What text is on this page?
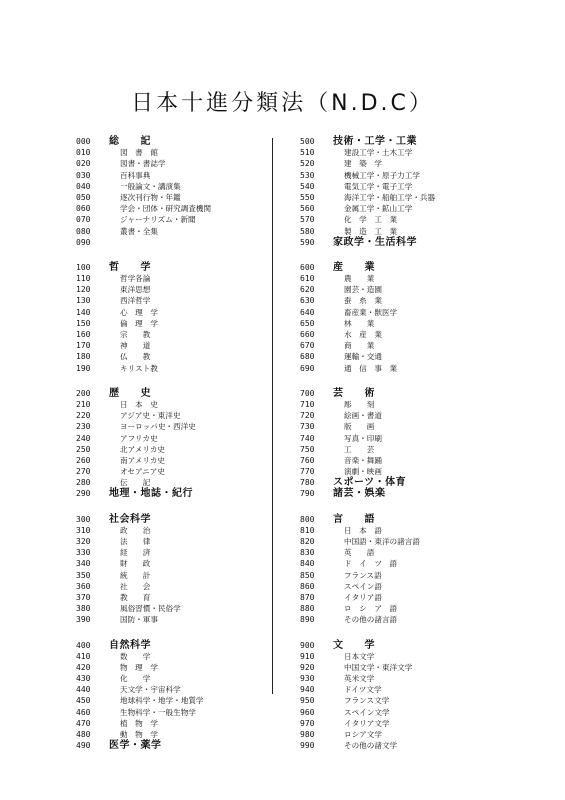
日本十進分類法（N.D.C）
000	総　　記
010	図　書　館
020	図書・書誌学
030	百科事典
040	一般論文・講演集
050	逐次刊行物・年鑑
060	学会・団体・研究調査機関
070	ジャーナリズム・新聞
080	叢書・全集
090
100	哲　　学
110	哲学各論
120	東洋思想
130	西洋哲学
140	心　理　学
150	倫　理　学
160	宗　　教
170	神　　道
180	仏　　教
190	キリスト教
200	歴　　史
210	日　本　史
220	アジア史・東洋史
230	ヨーロッパ史・西洋史
240	アフリカ史
250	北アメリカ史
260	南アメリカ史
270	オセアニア史
280	伝　　記
290	地理・地誌・紀行
300	社会科学
310	政　　治
320	法　　律
330	経　　済
340	財　　政
350	統　　計
360	社　　会
370	教　　育
380	風俗習慣・民俗学
390	国防・軍事
400	自然科学
410	数　　学
420	物　理　学
430	化　　学
440	天文学・宇宙科学
450	地球科学・地学・地質学
460	生物科学・一般生物学
470	植　物　学
480	動　物　学
490	医学・薬学
500	技術・工学・工業
510	建設工学・土木工学
520	建　築　学
530	機械工学・原子力工学
540	電気工学・電子工学
550	海洋工学・船舶工学・兵器
560	金属工学・鉱山工学
570	化　学　工　業
580	製　造　工　業
590	家政学・生活科学
600	産　　業
610	農　　業
620	園芸・造園
630	蚕　糸　業
640	畜産業・獣医学
650	林　　業
660	水　産　業
670	商　　業
680	運輸・交通
690	通　信　事　業
700	芸　　術
710	彫　　刻
720	絵画・書道
730	版　　画
740	写真・印刷
750	工　　芸
760	音楽・舞踊
770	演劇・映画
780	スポーツ・体育
790	諸芸・娯楽
800	言　　語
810	日　本　語
820	中国語・東洋の諸言語
830	英　　語
840	ド　イ　ツ　語
850	フランス語
860	スペイン語
870	イタリア語
880	ロ　シ　ア　語
890	その他の諸言語
900	文　　学
910	日本文学
920	中国文学・東洋文学
930	英米文学
940	ドイツ文学
950	フランス文学
960	スペイン文学
970	イタリア文学
980	ロシア文学
990	その他の諸文学
